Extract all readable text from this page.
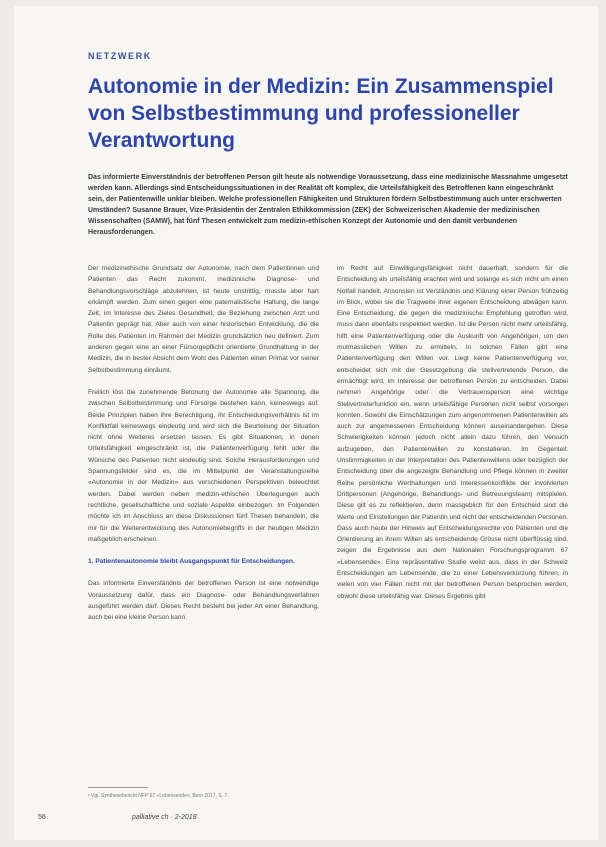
NETZWERK
Autonomie in der Medizin: Ein Zusammenspiel von Selbstbestimmung und professioneller Verantwortung
Das informierte Einverständnis der betroffenen Person gilt heute als notwendige Voraussetzung, dass eine medizinische Massnahme umgesetzt werden kann. Allerdings sind Entscheidungssituationen in der Realität oft komplex, die Urteilsfähigkeit des Betroffenen kann eingeschränkt sein, der Patientenwille unklar bleiben. Welche professionellen Fähigkeiten und Strukturen fördern Selbstbestimmung auch unter erschwerten Umständen? Susanne Brauer, Vize-Präsidentin der Zentralen Ethikkommission (ZEK) der Schweizerischen Akademie der medizinischen Wissenschaften (SAMW), hat fünf Thesen entwickelt zum medizin-ethischen Konzept der Autonomie und den damit verbundenen Herausforderungen.

Der medizinethische Grundsatz der Autonomie, nach dem Patientinnen und Patienten das Recht zukommt, medizinische Diagnose- und Behandlungsvorschläge abzulehnen, ist heute unstrittig, musste aber hart erkämpft werden. Zum einen gegen eine paternalistische Haltung, die lange Zeit, im Interesse des Zieles Gesundheit, die Beziehung zwischen Arzt und Patientin geprägt hat. Aber auch von einer historischen Entwicklung, die die Rolle des Patienten im Rahmen der Medizin grundsätzlich neu definiert. Zum anderen gegen eine an einer Fürsorgepflicht orientierte Grundhaltung in der Medizin, die in bester Absicht dem Wohl des Patienten einen Primat vor seiner Selbstbestimmung einräumt.

Freilich löst die zunehmende Betonung der Autonomie alle Spannung, die zwischen Selbstbestimmung und Fürsorge bestehen kann, keineswegs auf. Beide Prinzipien haben ihre Berechtigung, ihr Entscheidungsverhältnis ist im Konfliktfall keineswegs eindeutig und wird sich die Beurteilung der Situation nicht ohne Weiteres ersetzen lassen. Es gibt Situationen, in denen Urteilsfähigkeit eingeschränkt ist, die Patientenverfügung fehlt oder die Wünsche des Patienten nicht eindeutig sind. Solche Herausforderungen und Spannungsfelder sind es, die im Mittelpunkt der Veranstaltungsreihe «Autonomie in der Medizin» aus verschiedenen Perspektiven beleuchtet werden. Dabei werden neben medizin-ethischen Überlegungen auch rechtliche, gesellschaftliche und soziale Aspekte einbezogen. Im Folgenden möchte ich im Anschluss an diese Diskussionen fünf Thesen behandeln, die mir für die Weiterentwicklung des Autonomiebegriffs in der heutigen Medizin maßgeblich erscheinen.

1. Patientenautonomie bleibt Ausgangspunkt für Entscheidungen.

Das informierte Einverständnis der betroffenen Person ist eine notwendige Voraussetzung dafür, dass ein Diagnose- oder Behandlungsverfahren ausgeführt werden darf. Dieses Recht besteht bei jeder Art einer Behandlung, auch bei eine kleine Person kann

im Recht auf Einwilligungsfähigkeit nicht dauerhaft, sondern für die Entscheidung als urteilsfähig erachtet wird und solange es sich nicht um einen Notfall handelt. Ansonsten ist Verständnis und Klärung einer Person frühzeitig im Blick, wobei sie die Tragweite ihrer eigenen Entscheidung abwägen kann. Eine Entscheidung, die gegen die medizinische Empfehlung getroffen wird, muss dann ebenfalls respektiert werden. Ist die Person nicht mehr urteilsfähig, hilft eine Patientenverfügung oder die Auskunft von Angehörigen, um den mutmasslichen Willen zu ermitteln. In solchen Fällen gibt eine Patientenverfügung den Willen vor. Liegt keine Patientenverfügung vor, entscheidet sich mit der Gesetzgebung die stellvertretende Person, die ermächtigt wird, im Interesse der betroffenen Person zu entscheiden. Dabei nehmen Angehörige oder die Vertrauensperson eine wichtige Stellvertreterfunktion ein, wenn urteilsfähige Personen nicht selbst vorsorgen konnten. Sowohl die Einschätzungen zum angenommenen Patientenwillen als auch zur angemessenen Entscheidung können auseinandergehen. Diese Schwierigkeiten können jedoch nicht allein dazu führen, den Versuch aufzugeben, den Patientenwillen zu konstatieren. Im Gegenteil: Unstimmigkeiten in der Interpretation des Patientenwillens oder bezüglich der Entscheidung über die angezeigte Behandlung und Pflege können in zweiter Reihe persönliche Werthaltungen und Interessenkonflikte der involvierten Drittpersonen (Angehörige, Behandlungs- und Betreuungsteam) mitspielen. Diese gilt es zu reflektieren, denn massgeblich für den Entscheid sind die Werte und Einstellungen der Patientin und nicht der entscheidenden Personen. Dass auch heute der Hinweis auf Entscheidungsrechte von Patienten und die Orientierung an ihrem Willen als entscheidende Grösse nicht überflüssig sind, zeigen die Ergebnisse aus dem Nationalen Forschungsprogramm 67 «Lebensende». Eine repräsentative Studie weist aus, dass in der Schweiz Entscheidungen am Lebensende, die zu einer Lebensverkürzung führen, in vielen von vier Fällen nicht mit der betroffenen Person besprochen werden, obwohl diese urteilsfähig war. Dieses Ergebnis gibt

¹ Vgl. Synthesebericht NFP 67 «Lebensende», Bern 2017, S. 7.
56	palliative ch · 2-2018
